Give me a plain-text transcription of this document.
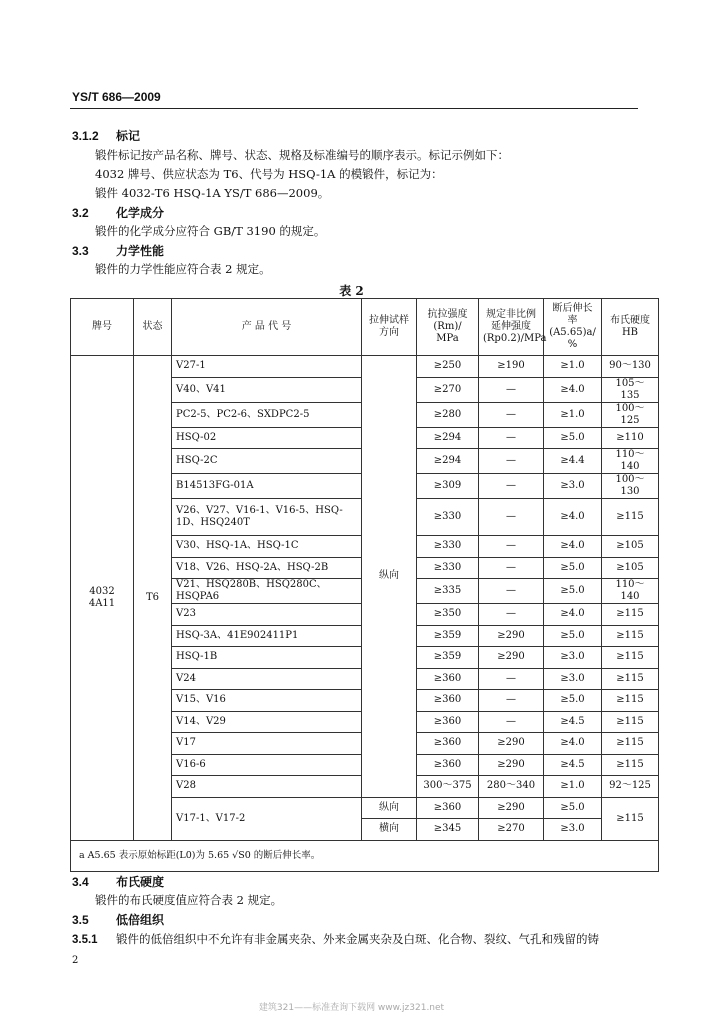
YS/T 686—2009
3.1.2 标记
锻件标记按产品名称、牌号、状态、规格及标准编号的顺序表示。标记示例如下：
4032 牌号、供应状态为 T6、代号为 HSQ-1A 的模锻件，标记为：
锻件 4032-T6 HSQ-1A YS/T 686—2009。
3.2 化学成分
锻件的化学成分应符合 GB/T 3190 的规定。
3.3 力学性能
锻件的力学性能应符合表 2 规定。
表 2
牌号	状态	产 品 代 号	拉伸试样方向	抗拉强度 (Rm)/ MPa	规定非比例延伸强度 (Rp0.2)/MPa	断后伸长率 (A5.65)a/ %	布氏硬度 HB
4032 4A11	T6	V27-1	纵向	≥250	≥190	≥1.0	90～130
		V40、V41		≥270	—	≥4.0	105～135
		PC2-5、PC2-6、SXDPC2-5		≥280	—	≥1.0	100～125
		HSQ-02		≥294	—	≥5.0	≥110
		HSQ-2C		≥294	—	≥4.4	110～140
		B14513FG-01A		≥309	—	≥3.0	100～130
		V26、V27、V16-1、V16-5、HSQ-1D、HSQ240T		≥330	—	≥4.0	≥115
		V30、HSQ-1A、HSQ-1C		≥330	—	≥4.0	≥105
		V18、V26、HSQ-2A、HSQ-2B		≥330	—	≥5.0	≥105
		V21、HSQ280B、HSQ280C、HSQPA6		≥335	—	≥5.0	110～140
		V23		≥350	—	≥4.0	≥115
		HSQ-3A、41E902411P1		≥359	≥290	≥5.0	≥115
		HSQ-1B		≥359	≥290	≥3.0	≥115
		V24		≥360	—	≥3.0	≥115
		V15、V16		≥360	—	≥5.0	≥115
		V14、V29		≥360	—	≥4.5	≥115
		V17		≥360	≥290	≥4.0	≥115
		V16-6		≥360	≥290	≥4.5	≥115
		V28		300～375	280～340	≥1.0	92～125
		V17-1、V17-2	纵向	≥360	≥290	≥5.0	≥115
			横向	≥345	≥270	≥3.0	
a A5.65 表示原始标距(L0)为 5.65 √S0 的断后伸长率。							
3.4 布氏硬度
锻件的布氏硬度值应符合表 2 规定。
3.5 低倍组织
3.5.1 锻件的低倍组织中不允许有非金属夹杂、外来金属夹杂及白斑、化合物、裂纹、气孔和残留的铸
2
建筑321——标准查询下载网 www.jz321.net
